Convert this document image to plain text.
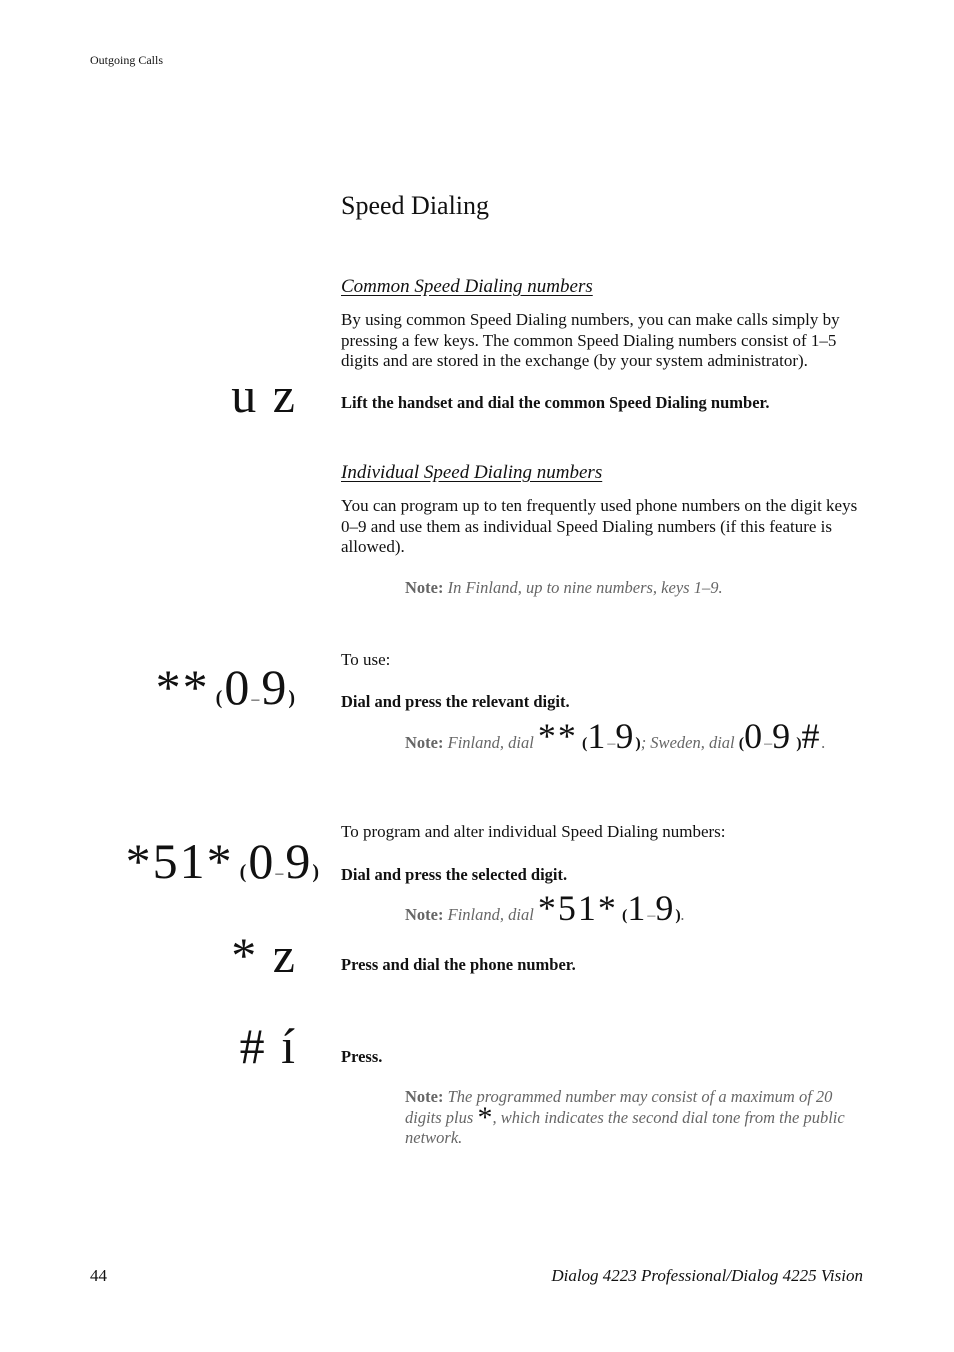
Outgoing Calls
Speed Dialing
Common Speed Dialing numbers

By using common Speed Dialing numbers, you can make calls simply by pressing a few keys. The common Speed Dialing numbers consist of 1–5 digits and are stored in the exchange (by your system administrator).

u z	Lift the handset and dial the common Speed Dialing number.

Individual Speed Dialing numbers

You can program up to ten frequently used phone numbers on the digit keys 0–9 and use them as individual Speed Dialing numbers (if this feature is allowed).

Note: In Finland, up to nine numbers, keys 1–9.

To use:

** (0–9)	Dial and press the relevant digit.

Note: Finland, dial ** (1–9); Sweden, dial (0–9 )#.

To program and alter individual Speed Dialing numbers:

*51* (0–9) Dial and press the selected digit.

Note: Finland, dial *51* (1–9).

* z	Press and dial the phone number.

# í	Press.

Note: The programmed number may consist of a maximum of 20 digits plus *, which indicates the second dial tone from the public network.

44	Dialog 4223 Professional/Dialog 4225 Vision
